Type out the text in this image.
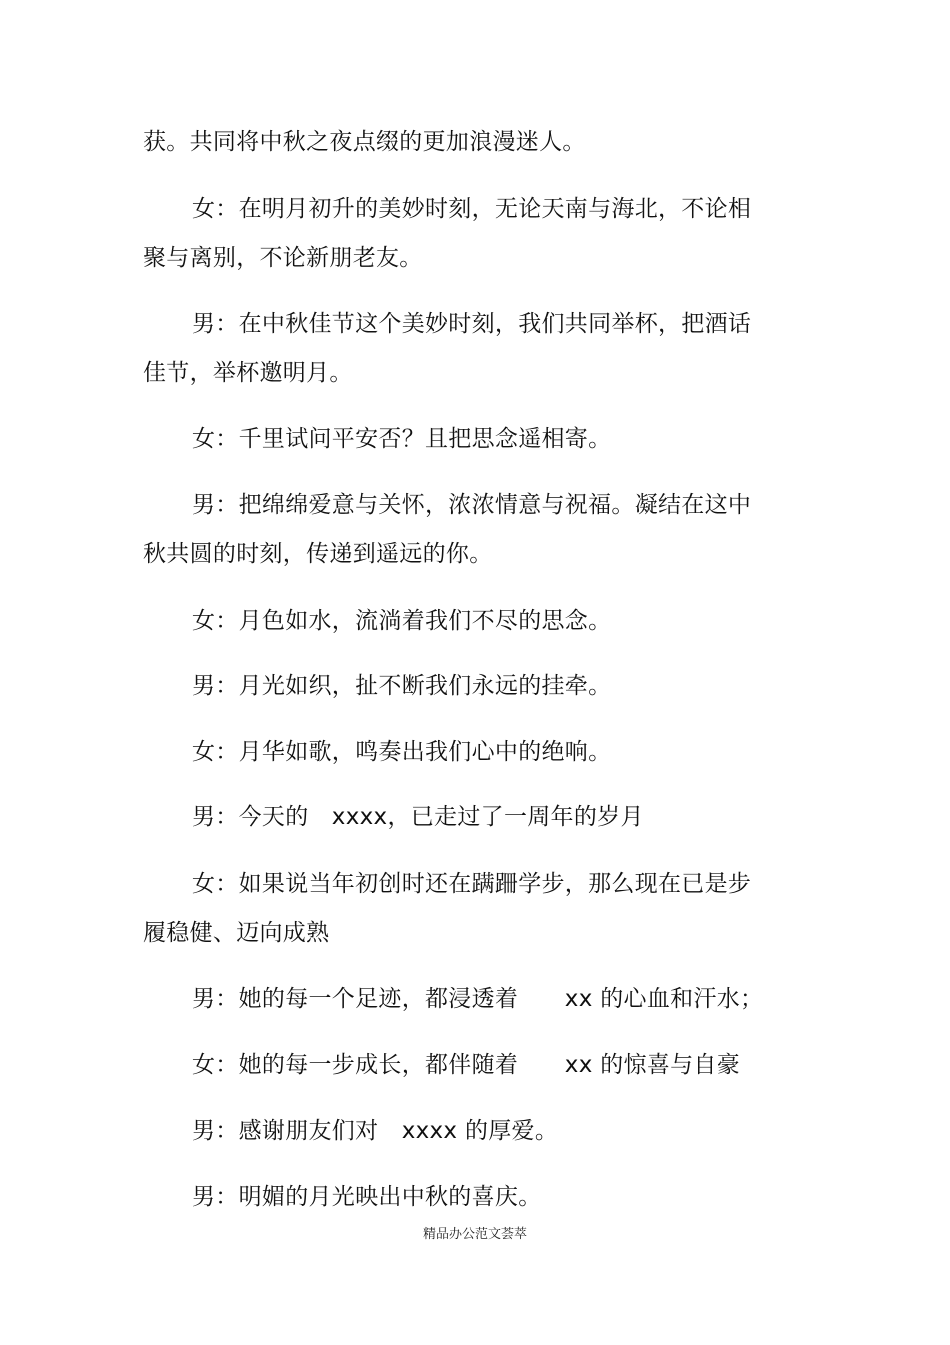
获。共同将中秋之夜点缀的更加浪漫迷人。
女：在明月初升的美妙时刻，无论天南与海北，不论相
聚与离别，不论新朋老友。
男：在中秋佳节这个美妙时刻，我们共同举杯，把酒话
佳节，举杯邀明月。
女：千里试问平安否？且把思念遥相寄。
男：把绵绵爱意与关怀，浓浓情意与祝福。凝结在这中
秋共圆的时刻，传递到遥远的你。
女：月色如水，流淌着我们不尽的思念。
男：月光如织，扯不断我们永远的挂牵。
女：月华如歌，鸣奏出我们心中的绝响。
男：今天的　xxxx，已走过了一周年的岁月
女：如果说当年初创时还在蹒跚学步，那么现在已是步
履稳健、迈向成熟
男：她的每一个足迹，都浸透着　　xx 的心血和汗水；
女：她的每一步成长，都伴随着　　xx 的惊喜与自豪
男：感谢朋友们对　xxxx 的厚爱。
男：明媚的月光映出中秋的喜庆。
精品办公范文荟萃
